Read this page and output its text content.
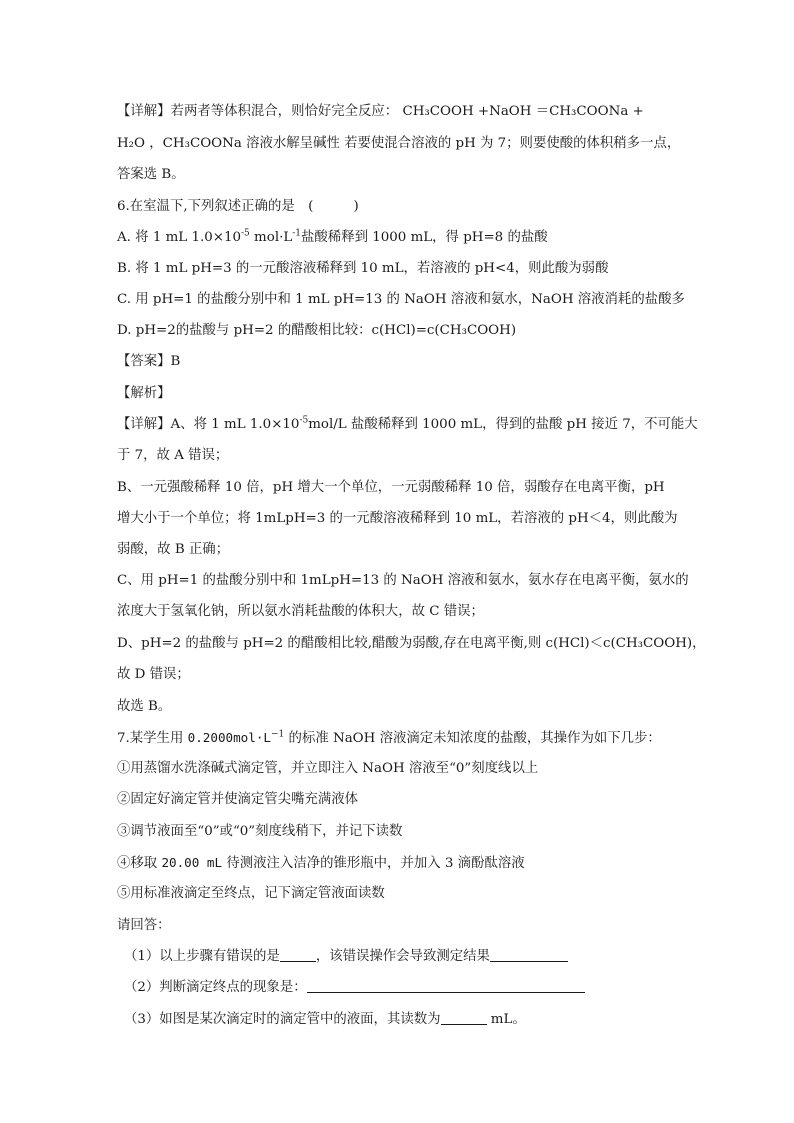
【详解】若两者等体积混合，则恰好完全反应： CH₃COOH +NaOH ＝CH₃COONa +
H₂O ，CH₃COONa 溶液水解呈碱性 若要使混合溶液的 pH 为 7；则要使酸的体积稍多一点，
答案选 B。
6.在室温下,下列叙述正确的是　(　　　)
A. 将 1 mL $1.0\times 10^{-5}$ $mol\cdot L^{-1}$盐酸稀释到 1000 mL，得 pH=8 的盐酸
B. 将 1 mL pH=3 的一元酸溶液稀释到 10 mL，若溶液的 pH<4，则此酸为弱酸
C. 用 pH=1 的盐酸分别中和 1 mL pH=13 的 NaOH 溶液和氨水，NaOH 溶液消耗的盐酸多
D. pH=2的盐酸与 pH=2 的醋酸相比较：c(HCl)=c(CH₃COOH)
【答案】B
【解析】
【详解】A、将 1 mL $1.0\times 10^{-5}mol/L$ 盐酸稀释到 1000 mL，得到的盐酸 pH 接近 7，不可能大
于 7，故 A 错误；
B、一元强酸稀释 10 倍，pH 增大一个单位，一元弱酸稀释 10 倍，弱酸存在电离平衡，pH
增大小于一个单位；将 1mLpH=3 的一元酸溶液稀释到 10 mL，若溶液的 pH＜4，则此酸为
弱酸，故 B 正确；
C、用 pH=1 的盐酸分别中和 1mLpH=13 的 NaOH 溶液和氨水，氨水存在电离平衡，氨水的
浓度大于氢氧化钠，所以氨水消耗盐酸的体积大，故 C 错误；
D、pH=2 的盐酸与 pH=2 的醋酸相比较,醋酸为弱酸,存在电离平衡,则 c(HCl)＜c(CH₃COOH)，
故 D 错误；
故选 B。
7.某学生用 $0.2000mol\cdot L^{-1}$ 的标准 NaOH 溶液滴定未知浓度的盐酸，其操作为如下几步：
①用蒸馏水洗涤碱式滴定管，并立即注入 NaOH 溶液至“0”刻度线以上
②固定好滴定管并使滴定管尖嘴充满液体
③调节液面至“0”或“0”刻度线稍下，并记下读数
④移取 20.00 mL 待测液注入洁净的锥形瓶中，并加入 3 滴酚酞溶液
⑤用标准液滴定至终点，记下滴定管液面读数
请回答：
（1）以上步骤有错误的是	，该错误操作会导致测定结果
（2）判断滴定终点的现象是：
（3）如图是某次滴定时的滴定管中的液面，其读数为	mL。
